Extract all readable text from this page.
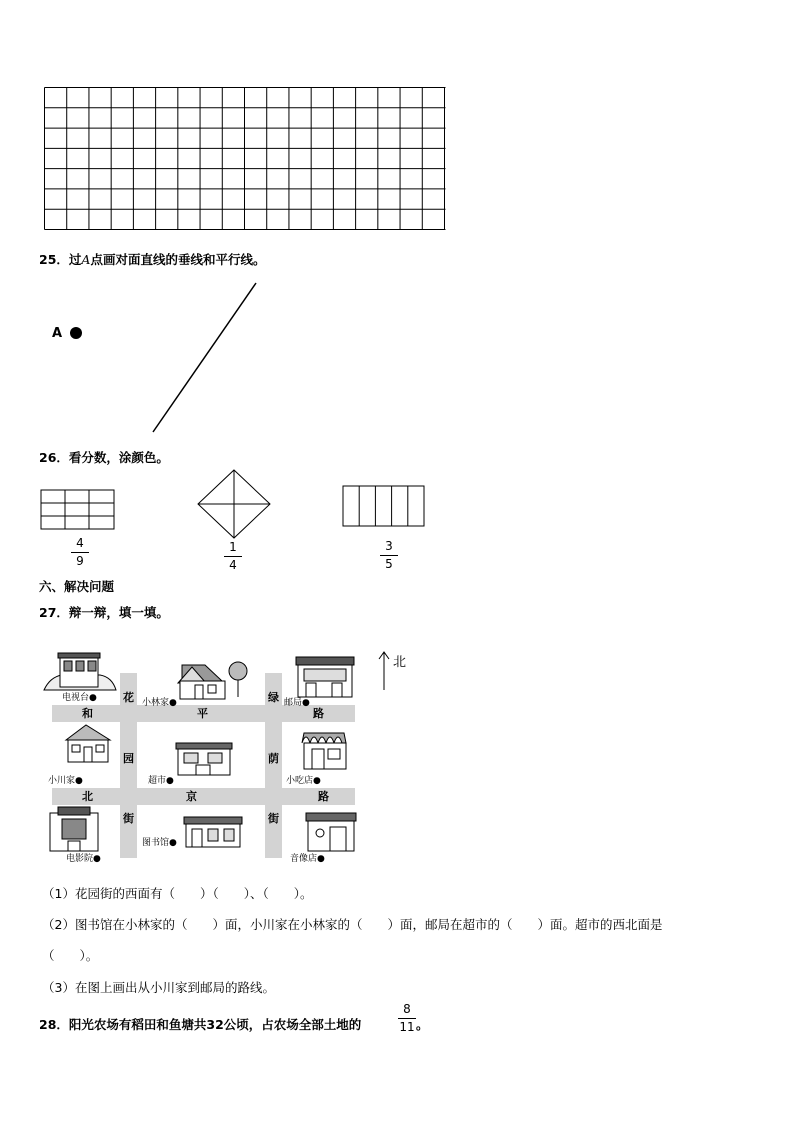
25．过A点画对面直线的垂线和平行线。
A
26．看分数，涂颜色。
4
9
1
4
3
5
六、解决问题
27．辩一辩，填一填。
和	平	路
北	京	路
花
园
街
绿
荫
街
电视台●	小林家●	邮局●
小川家●	超市●	小吃店●
电影院●
图书馆●
音像店●
北
（1）花园街的西面有（　　）（　　）、（　　）。
（2）图书馆在小林家的（　　）面，小川家在小林家的（　　）面，邮局在超市的（　　）面。超市的西北面是
（　　）。
（3）在图上画出从小川家到邮局的路线。
28．阳光农场有稻田和鱼塘共32公顷，占农场全部土地的
8
11 。
